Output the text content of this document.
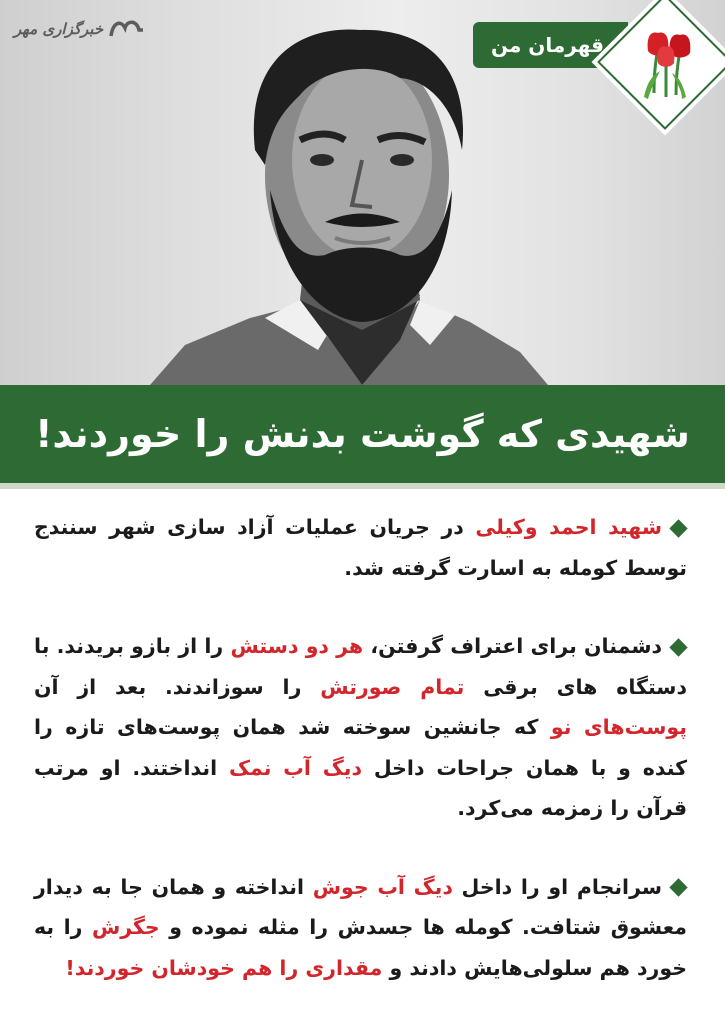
خبرگزاری مهر
قهرمان من
شهیدی که گوشت بدنش را خوردند!

شهید احمد وکیلی در جریان عملیات آزاد سازی شهر سنندج توسط کومله به اسارت گرفته شد.

دشمنان برای اعتراف گرفتن، هر دو دستش را از بازو بریدند. با دستگاه های برقی تمام صورتش را سوزاندند. بعد از آن پوست‌های نو که جانشین سوخته شد همان پوست‌های تازه را کنده و با همان جراحات داخل دیگ آب نمک انداختند. او مرتب قرآن را زمزمه می‌کرد.

سرانجام او را داخل دیگ آب جوش انداخته و همان جا به دیدار معشوق شتافت. کومله ها جسدش را مثله نموده و جگرش را به خورد هم سلولی‌هایش دادند و مقداری را هم خودشان خوردند!
